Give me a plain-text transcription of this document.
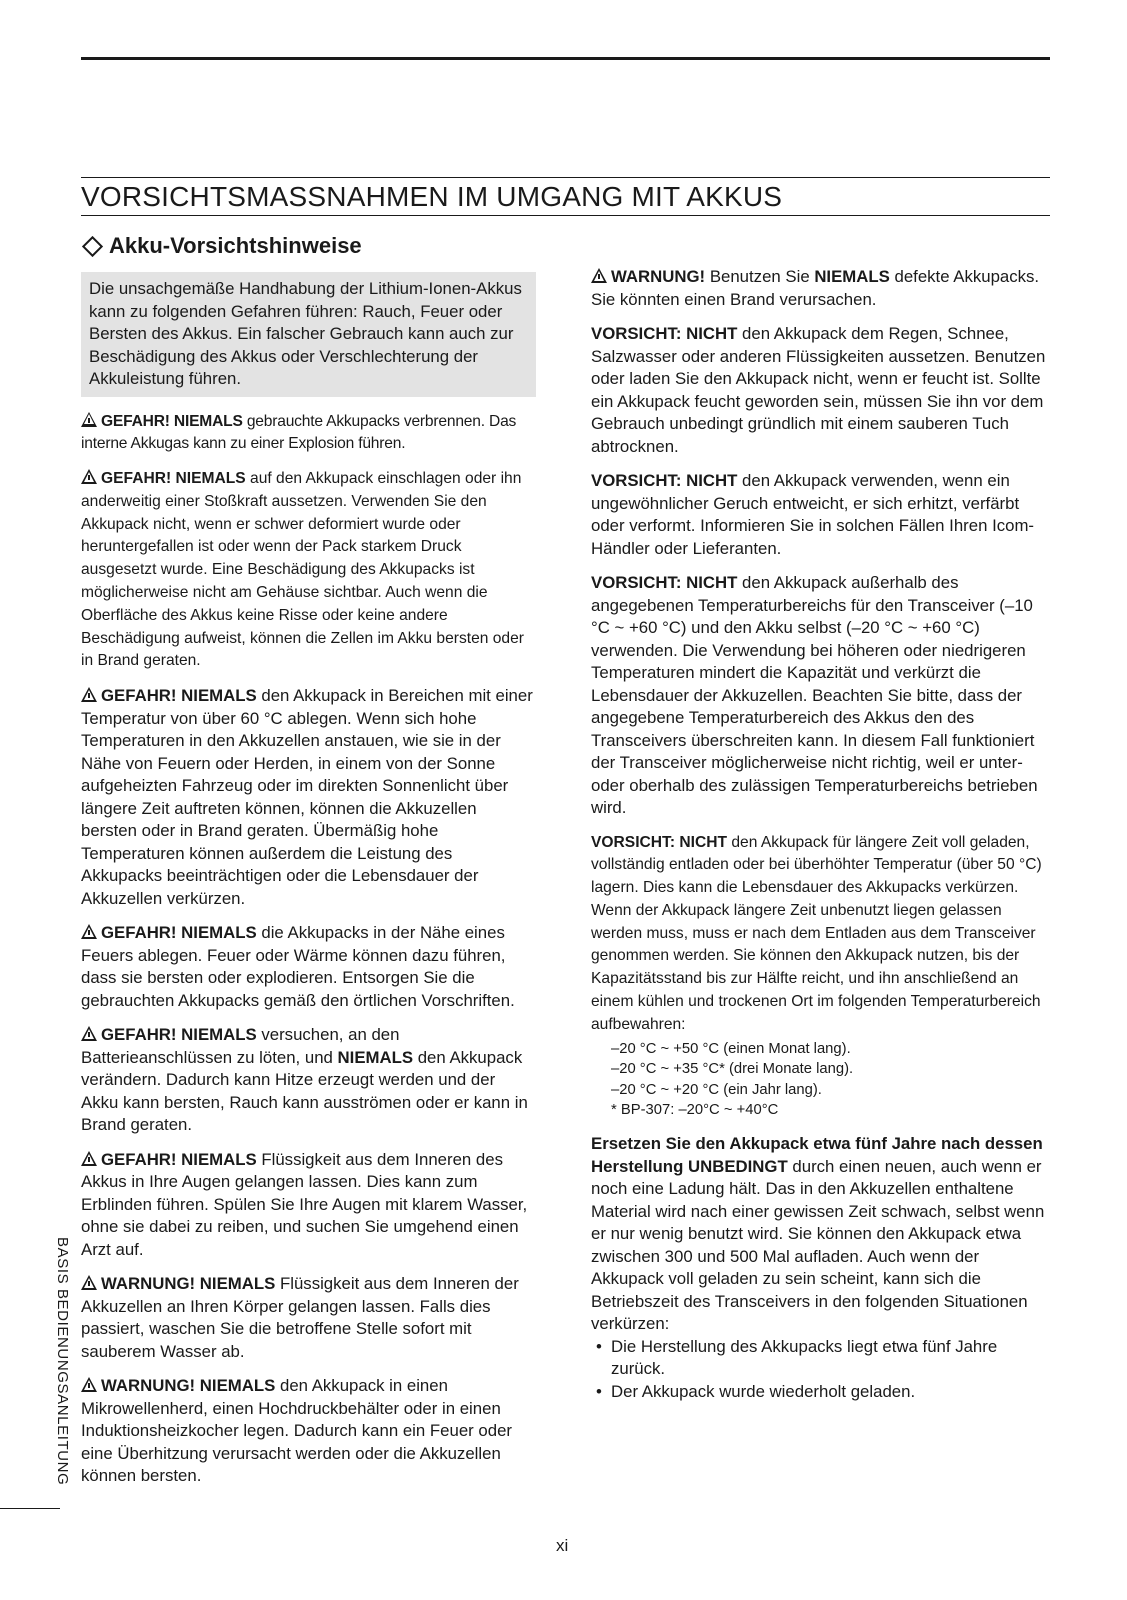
VORSICHTSMASSNAHMEN IM UMGANG MIT AKKUS
Akku-Vorsichtshinweise

Die unsachgemäße Handhabung der Lithium-Ionen-Akkus kann zu folgenden Gefahren führen: Rauch, Feuer oder Bersten des Akkus. Ein falscher Gebrauch kann auch zur Beschädigung des Akkus oder Verschlechterung der Akkuleistung führen.

GEFAHR! NIEMALS gebrauchte Akkupacks verbrennen. Das interne Akkugas kann zu einer Explosion führen.

GEFAHR! NIEMALS auf den Akkupack einschlagen oder ihn anderweitig einer Stoßkraft aussetzen. Verwenden Sie den Akkupack nicht, wenn er schwer deformiert wurde oder heruntergefallen ist oder wenn der Pack starkem Druck ausgesetzt wurde. Eine Beschädigung des Akkupacks ist möglicherweise nicht am Gehäuse sichtbar. Auch wenn die Oberfläche des Akkus keine Risse oder keine andere Beschädigung aufweist, können die Zellen im Akku bersten oder in Brand geraten.

GEFAHR! NIEMALS den Akkupack in Bereichen mit einer Temperatur von über 60 °C ablegen. Wenn sich hohe Temperaturen in den Akkuzellen anstauen, wie sie in der Nähe von Feuern oder Herden, in einem von der Sonne aufgeheizten Fahrzeug oder im direkten Sonnenlicht über längere Zeit auftreten können, können die Akkuzellen bersten oder in Brand geraten. Übermäßig hohe Temperaturen können außerdem die Leistung des Akkupacks beeinträchtigen oder die Lebensdauer der Akkuzellen verkürzen.

GEFAHR! NIEMALS die Akkupacks in der Nähe eines Feuers ablegen. Feuer oder Wärme können dazu führen, dass sie bersten oder explodieren. Entsorgen Sie die gebrauchten Akkupacks gemäß den örtlichen Vorschriften.

GEFAHR! NIEMALS versuchen, an den Batterieanschlüssen zu löten, und NIEMALS den Akkupack verändern. Dadurch kann Hitze erzeugt werden und der Akku kann bersten, Rauch kann ausströmen oder er kann in Brand geraten.

GEFAHR! NIEMALS Flüssigkeit aus dem Inneren des Akkus in Ihre Augen gelangen lassen. Dies kann zum Erblinden führen. Spülen Sie Ihre Augen mit klarem Wasser, ohne sie dabei zu reiben, und suchen Sie umgehend einen Arzt auf.

WARNUNG! NIEMALS Flüssigkeit aus dem Inneren der Akkuzellen an Ihren Körper gelangen lassen. Falls dies passiert, waschen Sie die betroffene Stelle sofort mit sauberem Wasser ab.

WARNUNG! NIEMALS den Akkupack in einen Mikrowellenherd, einen Hochdruckbehälter oder in einen Induktionsheizkocher legen. Dadurch kann ein Feuer oder eine Überhitzung verursacht werden oder die Akkuzellen können bersten.

WARNUNG! Benutzen Sie NIEMALS defekte Akkupacks. Sie könnten einen Brand verursachen.

VORSICHT: NICHT den Akkupack dem Regen, Schnee, Salzwasser oder anderen Flüssigkeiten aussetzen. Benutzen oder laden Sie den Akkupack nicht, wenn er feucht ist. Sollte ein Akkupack feucht geworden sein, müssen Sie ihn vor dem Gebrauch unbedingt gründlich mit einem sauberen Tuch abtrocknen.

VORSICHT: NICHT den Akkupack verwenden, wenn ein ungewöhnlicher Geruch entweicht, er sich erhitzt, verfärbt oder verformt. Informieren Sie in solchen Fällen Ihren Icom-Händler oder Lieferanten.

VORSICHT: NICHT den Akkupack außerhalb des angegebenen Temperaturbereichs für den Transceiver (–10 °C ~ +60 °C) und den Akku selbst (–20 °C ~ +60 °C) verwenden. Die Verwendung bei höheren oder niedrigeren Temperaturen mindert die Kapazität und verkürzt die Lebensdauer der Akkuzellen. Beachten Sie bitte, dass der angegebene Temperaturbereich des Akkus den des Transceivers überschreiten kann. In diesem Fall funktioniert der Transceiver möglicherweise nicht richtig, weil er unter- oder oberhalb des zulässigen Temperaturbereichs betrieben wird.

VORSICHT: NICHT den Akkupack für längere Zeit voll geladen, vollständig entladen oder bei überhöhter Temperatur (über 50 °C) lagern. Dies kann die Lebensdauer des Akkupacks verkürzen. Wenn der Akkupack längere Zeit unbenutzt liegen gelassen werden muss, muss er nach dem Entladen aus dem Transceiver genommen werden. Sie können den Akkupack nutzen, bis der Kapazitätsstand bis zur Hälfte reicht, und ihn anschließend an einem kühlen und trockenen Ort im folgenden Temperaturbereich aufbewahren:

–20 °C ~ +50 °C (einen Monat lang).
–20 °C ~ +35 °C* (drei Monate lang).
–20 °C ~ +20 °C (ein Jahr lang).
* BP-307: –20°C ~ +40°C

Ersetzen Sie den Akkupack etwa fünf Jahre nach dessen Herstellung UNBEDINGT durch einen neuen, auch wenn er noch eine Ladung hält. Das in den Akkuzellen enthaltene Material wird nach einer gewissen Zeit schwach, selbst wenn er nur wenig benutzt wird. Sie können den Akkupack etwa zwischen 300 und 500 Mal aufladen. Auch wenn der Akkupack voll geladen zu sein scheint, kann sich die Betriebszeit des Transceivers in den folgenden Situationen verkürzen:

• Die Herstellung des Akkupacks liegt etwa fünf Jahre zurück.
• Der Akkupack wurde wiederholt geladen.
BASIS BEDIENUNGSANLEITUNG
xi
